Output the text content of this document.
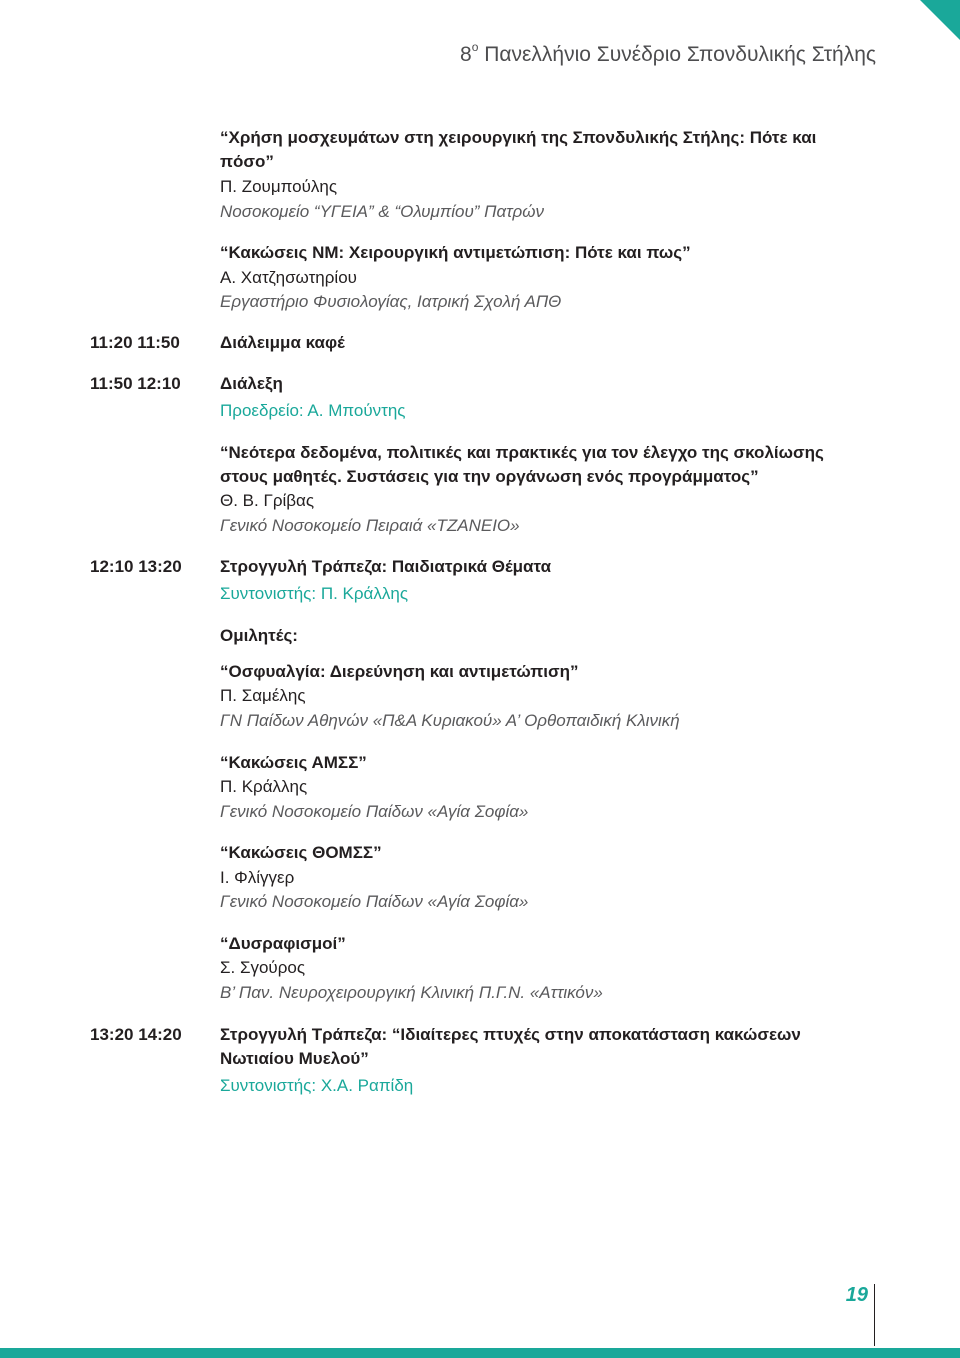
$8^o$ Πανελλήνιο Συνέδριο Σπονδυλικής Στήλης
“Χρήση μοσχευμάτων στη χειρουργική της Σπονδυλικής Στήλης: Πότε και
πόσο”
Π. Ζουμπούλης
Νοσοκομείο “ΥΓΕΙΑ” & “Ολυμπίου” Πατρών
“Κακώσεις ΝΜ: Χειρουργική αντιμετώπιση: Πότε και πως”
Α. Χατζησωτηρίου
Εργαστήριο Φυσιολογίας, Ιατρική Σχολή ΑΠΘ
11:20 11:50 Διάλειμμα καφέ
11:50 12:10 Διάλεξη
Προεδρείο: Α. Μπούντης
“Νεότερα δεδομένα, πολιτικές και πρακτικές για τον έλεγχο της σκολίωσης
στους μαθητές. Συστάσεις για την οργάνωση ενός προγράμματος”
Θ. Β. Γρίβας
Γενικό Νοσοκομείο Πειραιά «ΤΖΑΝΕΙΟ»
12:10 13:20 Στρογγυλή Τράπεζα: Παιδιατρικά Θέματα
Συντονιστής: Π. Κράλλης
Ομιλητές:
“Οσφυαλγία: Διερεύνηση και αντιμετώπιση”
Π. Σαμέλης
ΓΝ Παίδων Αθηνών «Π&Α Κυριακού» Α’ Ορθοπαιδική Κλινική
“Κακώσεις ΑΜΣΣ”
Π. Κράλλης
Γενικό Νοσοκομείο Παίδων «Αγία Σοφία»
“Κακώσεις ΘΟΜΣΣ”
Ι. Φλίγγερ
Γενικό Νοσοκομείο Παίδων «Αγία Σοφία»
“Δυσραφισμοί”
Σ. Σγούρος
Β’ Παν. Νευροχειρουργική Κλινική Π.Γ.Ν. «Αττικόν»
13:20 14:20 Στρογγυλή Τράπεζα: “Ιδιαίτερες πτυχές στην αποκατάσταση κακώσεων
Νωτιαίου Μυελού”
Συντονιστής: Χ.Α. Ραπίδη
19
